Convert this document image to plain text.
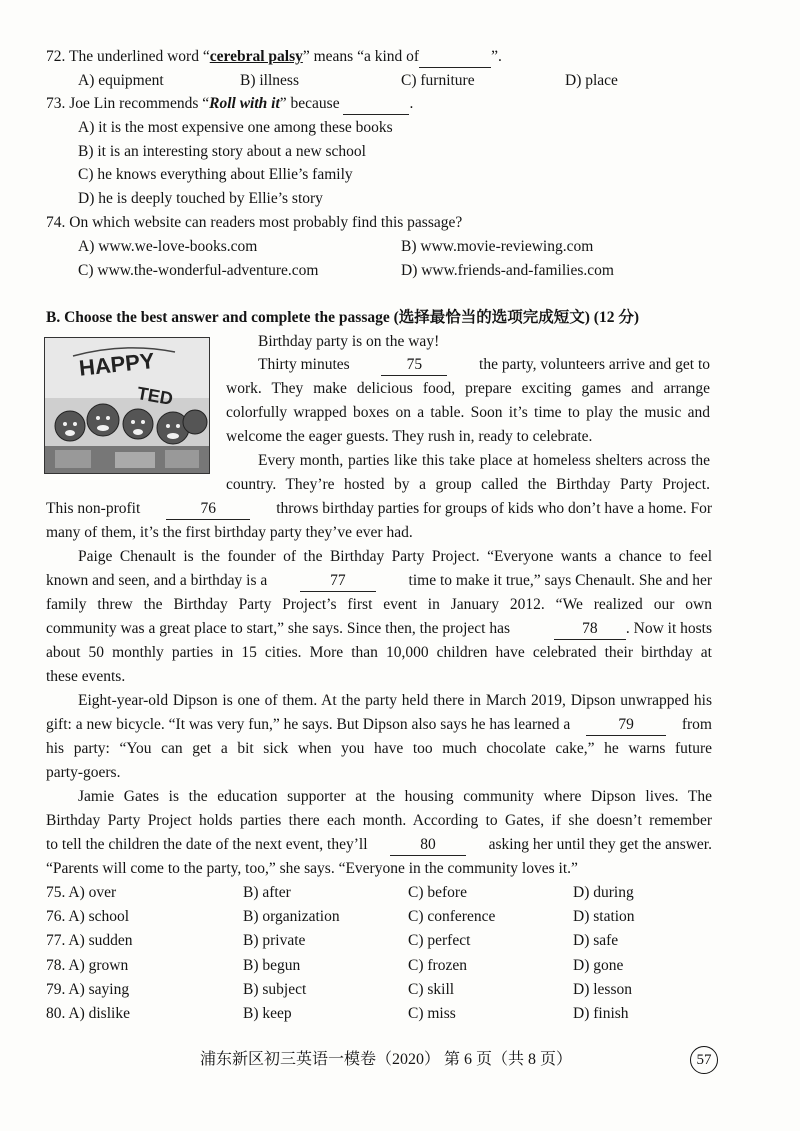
72. The underlined word “cerebral palsy” means “a kind of	”.
A) equipment	B) illness	C) furniture	D) place
73. Joe Lin recommends “Roll with it” because	.
A) it is the most expensive one among these books
B) it is an interesting story about a new school
C) he knows everything about Ellie’s family
D) he is deeply touched by Ellie’s story
74. On which website can readers most probably find this passage?
A) www.we-love-books.com	B) www.movie-reviewing.com
C) www.the-wonderful-adventure.com	D) www.friends-and-families.com
B. Choose the best answer and complete the passage (选择最恰当的选项完成短文) (12 分)
HAPPY
TED
Birthday party is on the way!
Thirty minutes	75	the party, volunteers arrive and get to
work. They make delicious food, prepare exciting games and arrange
colorfully wrapped boxes on a table. Soon it’s time to play the music and
welcome the eager guests. They rush in, ready to celebrate.
Every month, parties like this take place at homeless shelters across the
country. They’re hosted by a group called the Birthday Party Project.
This non-profit	76	throws birthday parties for groups of kids who don’t have a home. For
many of them, it’s the first birthday party they’ve ever had.
Paige Chenault is the founder of the Birthday Party Project. “Everyone wants a chance to feel
known and seen, and a birthday is a	77	time to make it true,” says Chenault. She and her
family threw the Birthday Party Project’s first event in January 2012. “We realized our own
community was a great place to start,” she says. Since then, the project has	78 . Now it hosts
about 50 monthly parties in 15 cities. More than 10,000 children have celebrated their birthday at
these events.
Eight-year-old Dipson is one of them. At the party held there in March 2019, Dipson unwrapped his
gift: a new bicycle. “It was very fun,” he says. But Dipson also says he has learned a	79	from
his party: “You can get a bit sick when you have too much chocolate cake,” he warns future
party-goers.
Jamie Gates is the education supporter at the housing community where Dipson lives. The
Birthday Party Project holds parties there each month. According to Gates, if she doesn’t remember
to tell the children the date of the next event, they’ll	80	asking her until they get the answer.
“Parents will come to the party, too,” she says. “Everyone in the community loves it.”
75. A) over	B) after	C) before	D) during
76. A) school	B) organization	C) conference	D) station
77. A) sudden	B) private	C) perfect	D) safe
78. A) grown	B) begun	C) frozen	D) gone
79. A) saying	B) subject	C) skill	D) lesson
80. A) dislike	B) keep	C) miss	D) finish
浦东新区初三英语一模卷（2020） 第 6 页（共 8 页）	57
